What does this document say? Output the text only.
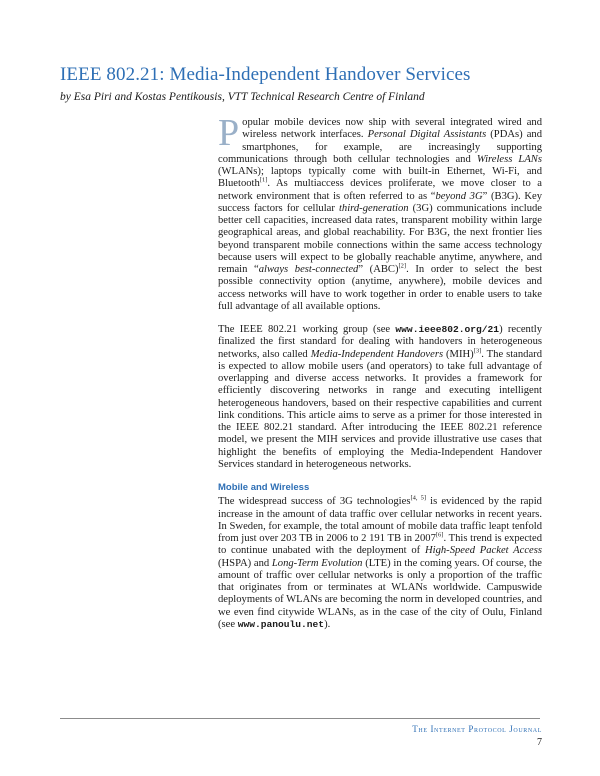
IEEE 802.21: Media-Independent Handover Services

by Esa Piri and Kostas Pentikousis, VTT Technical Research Centre of Finland

Popular mobile devices now ship with several integrated wired and wireless network interfaces. Personal Digital Assistants (PDAs) and smartphones, for example, are increasingly supporting communications through both cellular technologies and Wireless LANs (WLANs); laptops typically come with built-in Ethernet, Wi-Fi, and Bluetooth[1]. As multiaccess devices proliferate, we move closer to a network environment that is often referred to as “beyond 3G” (B3G). Key success factors for cellular third-generation (3G) communications include better cell capacities, increased data rates, transparent mobility within large geographical areas, and global reachability. For B3G, the next frontier lies beyond transparent mobile connections within the same access technology because users will expect to be globally reachable anytime, anywhere, and remain “always best-connected” (ABC)[2]. In order to select the best possible connectivity option (anytime, anywhere), mobile devices and access networks will have to work together in order to enable users to take full advantage of all available options.

The IEEE 802.21 working group (see www.ieee802.org/21) recently finalized the first standard for dealing with handovers in heterogeneous networks, also called Media-Independent Handovers (MIH)[3]. The standard is expected to allow mobile users (and operators) to take full advantage of overlapping and diverse access networks. It provides a framework for efficiently discovering networks in range and executing intelligent heterogeneous handovers, based on their respective capabilities and current link conditions. This article aims to serve as a primer for those interested in the IEEE 802.21 standard. After introducing the IEEE 802.21 reference model, we present the MIH services and provide illustrative use cases that highlight the benefits of employing the Media-Independent Handover Services standard in heterogeneous networks.

Mobile and Wireless

The widespread success of 3G technologies[4, 5] is evidenced by the rapid increase in the amount of data traffic over cellular networks in recent years. In Sweden, for example, the total amount of mobile data traffic leapt tenfold from just over 203 TB in 2006 to 2 191 TB in 2007[6]. This trend is expected to continue unabated with the deployment of High-Speed Packet Access (HSPA) and Long-Term Evolution (LTE) in the coming years. Of course, the amount of traffic over cellular networks is only a proportion of the traffic that originates from or terminates at WLANs worldwide. Campuswide deployments of WLANs are becoming the norm in developed countries, and we even find citywide WLANs, as in the case of the city of Oulu, Finland (see www.panoulu.net).

The Internet Protocol Journal
7
